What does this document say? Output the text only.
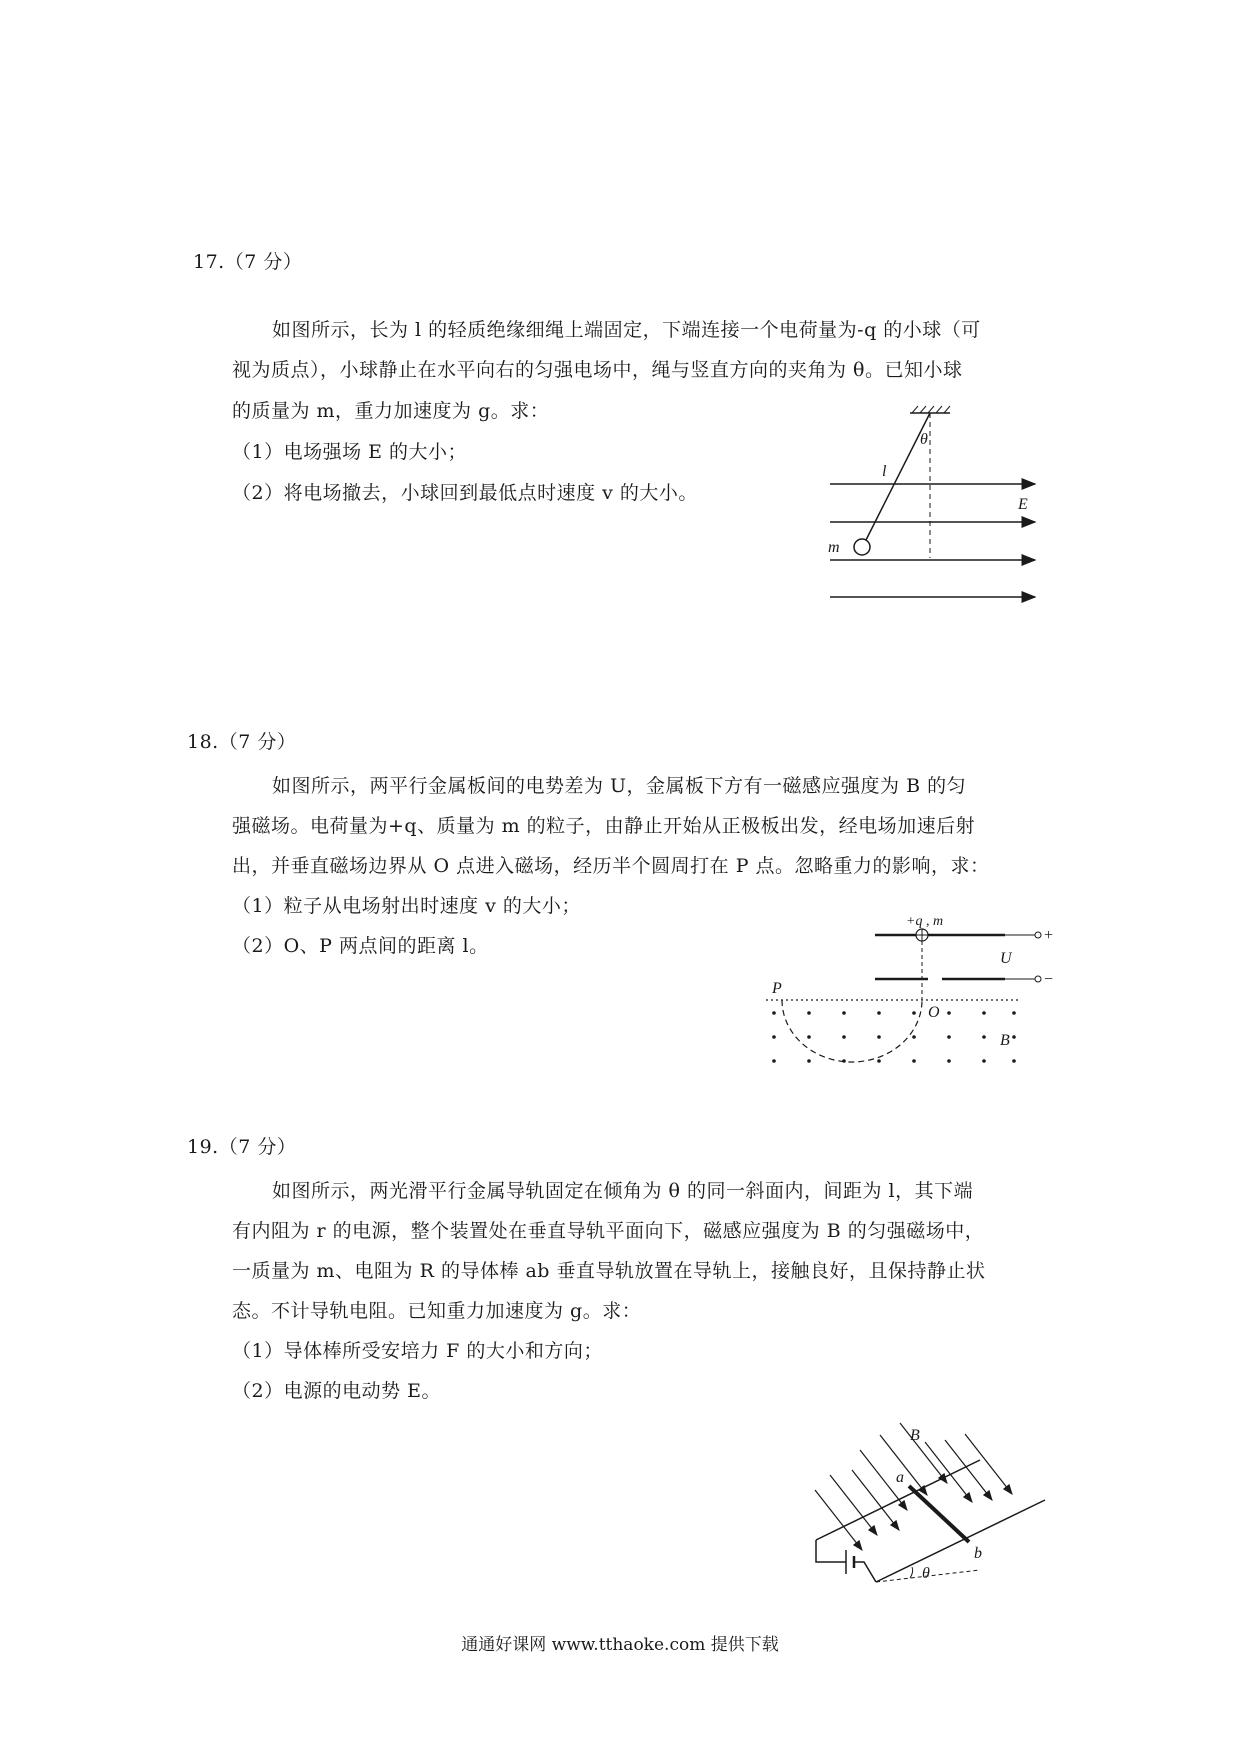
17.（7 分）
如图所示，长为 l 的轻质绝缘细绳上端固定，下端连接一个电荷量为-q 的小球（可
视为质点），小球静止在水平向右的匀强电场中，绳与竖直方向的夹角为 θ。已知小球
的质量为 m，重力加速度为 g。求：
（1）电场强场 E 的大小；
（2）将电场撤去，小球回到最低点时速度 v 的大小。
θ
l
E
m
18.（7 分）
如图所示，两平行金属板间的电势差为 U，金属板下方有一磁感应强度为 B 的匀
强磁场。电荷量为+q、质量为 m 的粒子，由静止开始从正极板出发，经电场加速后射
出，并垂直磁场边界从 O 点进入磁场，经历半个圆周打在 P 点。忽略重力的影响，求：
（1）粒子从电场射出时速度 v 的大小；
（2）O、P 两点间的距离 l。
+q , m
+
U
−
P
O
B
19.（7 分）
如图所示，两光滑平行金属导轨固定在倾角为 θ 的同一斜面内，间距为 l，其下端
有内阻为 r 的电源，整个装置处在垂直导轨平面向下，磁感应强度为 B 的匀强磁场中，
一质量为 m、电阻为 R 的导体棒 ab 垂直导轨放置在导轨上，接触良好，且保持静止状
态。不计导轨电阻。已知重力加速度为 g。求：
（1）导体棒所受安培力 F 的大小和方向；
（2）电源的电动势 E。
B
a
b
θ
通通好课网 www.tthaoke.com 提供下载
